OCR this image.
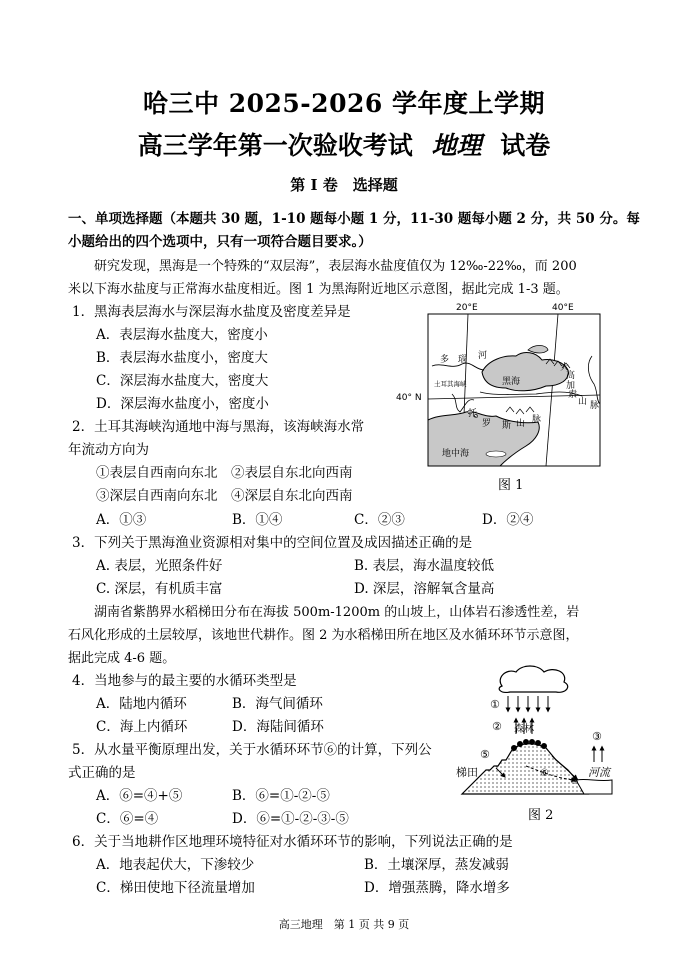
哈三中 2025-2026 学年度上学期
高三学年第一次验收考试 地理 试卷
第 I 卷　选择题
一、单项选择题（本题共 30 题，1-10 题每小题 1 分，11-30 题每小题 2 分，共 50 分。每
小题给出的四个选项中，只有一项符合题目要求。）
研究发现，黑海是一个特殊的“双层海”，表层海水盐度值仅为 12‰-22‰，而 200
米以下海水盐度与正常海水盐度相近。图 1 为黑海附近地区示意图，据此完成 1-3 题。
1．黑海表层海水与深层海水盐度及密度差异是
A．表层海水盐度大，密度小
B．表层海水盐度小，密度大
C．深层海水盐度大，密度大
D．深层海水盐度小，密度小
2．土耳其海峡沟通地中海与黑海，该海峡海水常
年流动方向为
①表层自西南向东北　②表层自东北向西南
③深层自西南向东北　④深层自东北向西南
A．①③	B．①④	C．②③	D．②④
3．下列关于黑海渔业资源相对集中的空间位置及成因描述正确的是
A. 表层，光照条件好	B. 表层，海水温度较低
C. 深层，有机质丰富	D. 深层，溶解氧含量高
湖南省紫鹊界水稻梯田分布在海拔 500m-1200m 的山坡上，山体岩石渗透性差，岩
石风化形成的土层较厚，该地世代耕作。图 2 为水稻梯田所在地区及水循环环节示意图，
据此完成 4-6 题。
4．当地参与的最主要的水循环类型是
A．陆地内循环	B．海气间循环
C．海上内循环	D．海陆间循环
5．从水量平衡原理出发，关于水循环环节⑥的计算，下列公
式正确的是
A．⑥=④+⑤	B．⑥=①-②-⑤
C．⑥=④	D．⑥=①-②-③-⑤
6．关于当地耕作区地理环境特征对水循环环节的影响，下列说法正确的是
A．地表起伏大，下渗较少	B．土壤深厚，蒸发减弱
C．梯田使地下径流量增加	D．增强蒸腾，降水增多
20°E	40°E
40° N
多 瑙 河
土耳其海峡	黑海
大
高
加
索
山 脉
托
罗 斯 山 脉
地中海
图 1
①
②
③
④
⑤
⑥
森林
梯田	河流
图 2
高三地理　第 1 页 共 9 页
